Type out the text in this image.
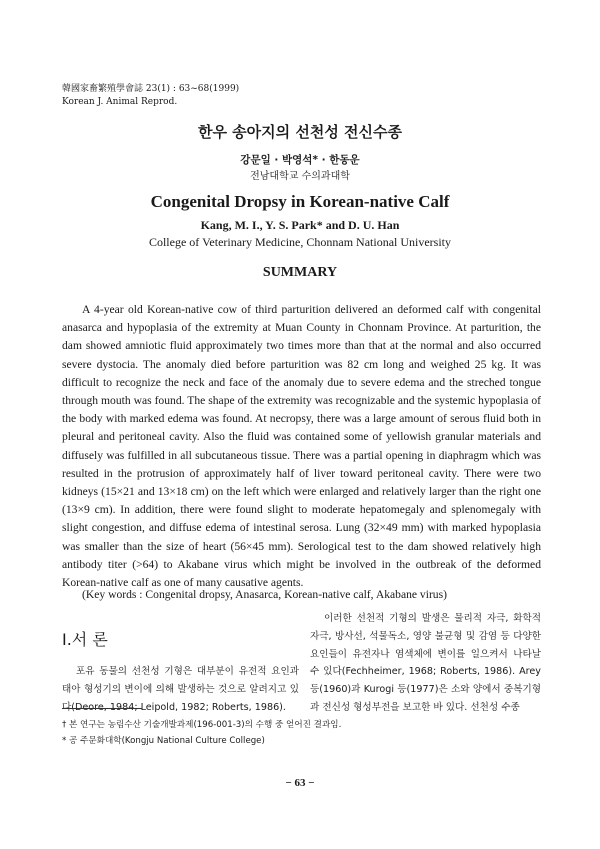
韓國家畜繁殖學會誌 23(1) : 63~68(1999)
Korean J. Animal Reprod.
한우 송아지의 선천성 전신수종
강문일 · 박영석* · 한동운
전남대학교 수의과대학
Congenital Dropsy in Korean-native Calf
Kang, M. I., Y. S. Park* and D. U. Han
College of Veterinary Medicine, Chonnam National University
SUMMARY

A 4-year old Korean-native cow of third parturition delivered an deformed calf with congenital anasarca and hypoplasia of the extremity at Muan County in Chonnam Province. At parturition, the dam showed amniotic fluid approximately two times more than that at the normal and also occurred severe dystocia. The anomaly died before parturition was 82 cm long and weighed 25 kg. It was difficult to recognize the neck and face of the anomaly due to severe edema and the streched tongue through mouth was found. The shape of the extremity was recognizable and the systemic hypoplasia of the body with marked edema was found. At necropsy, there was a large amount of serous fluid both in pleural and peritoneal cavity. Also the fluid was contained some of yellowish granular materials and diffusely was fulfilled in all subcutaneous tissue. There was a partial opening in diaphragm which was resulted in the protrusion of approximately half of liver toward peritoneal cavity. There were two kidneys (15×21 and 13×18 cm) on the left which were enlarged and relatively larger than the right one (13×9 cm). In addition, there were found slight to moderate hepatomegaly and splenomegaly with slight congestion, and diffuse edema of intestinal serosa. Lung (32×49 mm) with marked hypoplasia was smaller than the size of heart (56×45 mm). Serological test to the dam showed relatively high antibody titer (>64) to Akabane virus which might be involved in the outbreak of the deformed Korean-native calf as one of many causative agents.

(Key words : Congenital dropsy, Anasarca, Korean-native calf, Akabane virus)
Ⅰ.서 론

포유 동물의 선천성 기형은 대부분이 유전적 요인과 태아 형성기의 변이에 의해 발생하는 것으로 알려지고 있다(Deore, 1984; Leipold, 1982; Roberts, 1986).

이러한 선천적 기형의 발생은 물리적 자극, 화학적 자극, 방사선, 석물독소, 영양 불균형 및 감염 등 다양한 요인들이 유전자나 염색체에 변이를 일으켜서 나타날 수 있다(Fechheimer, 1968; Roberts, 1986). Arey 등(1960)과 Kurogi 등(1977)은 소와 양에서 중복기형과 전신성 형성부전을 보고한 바 있다. 선천성 수종

† 본 연구는 농림수산 기술개발과제(196-001-3)의 수행 중 얻어진 결과임.
* 공 주문화대학(Kongju National Culture College)
− 63 −
